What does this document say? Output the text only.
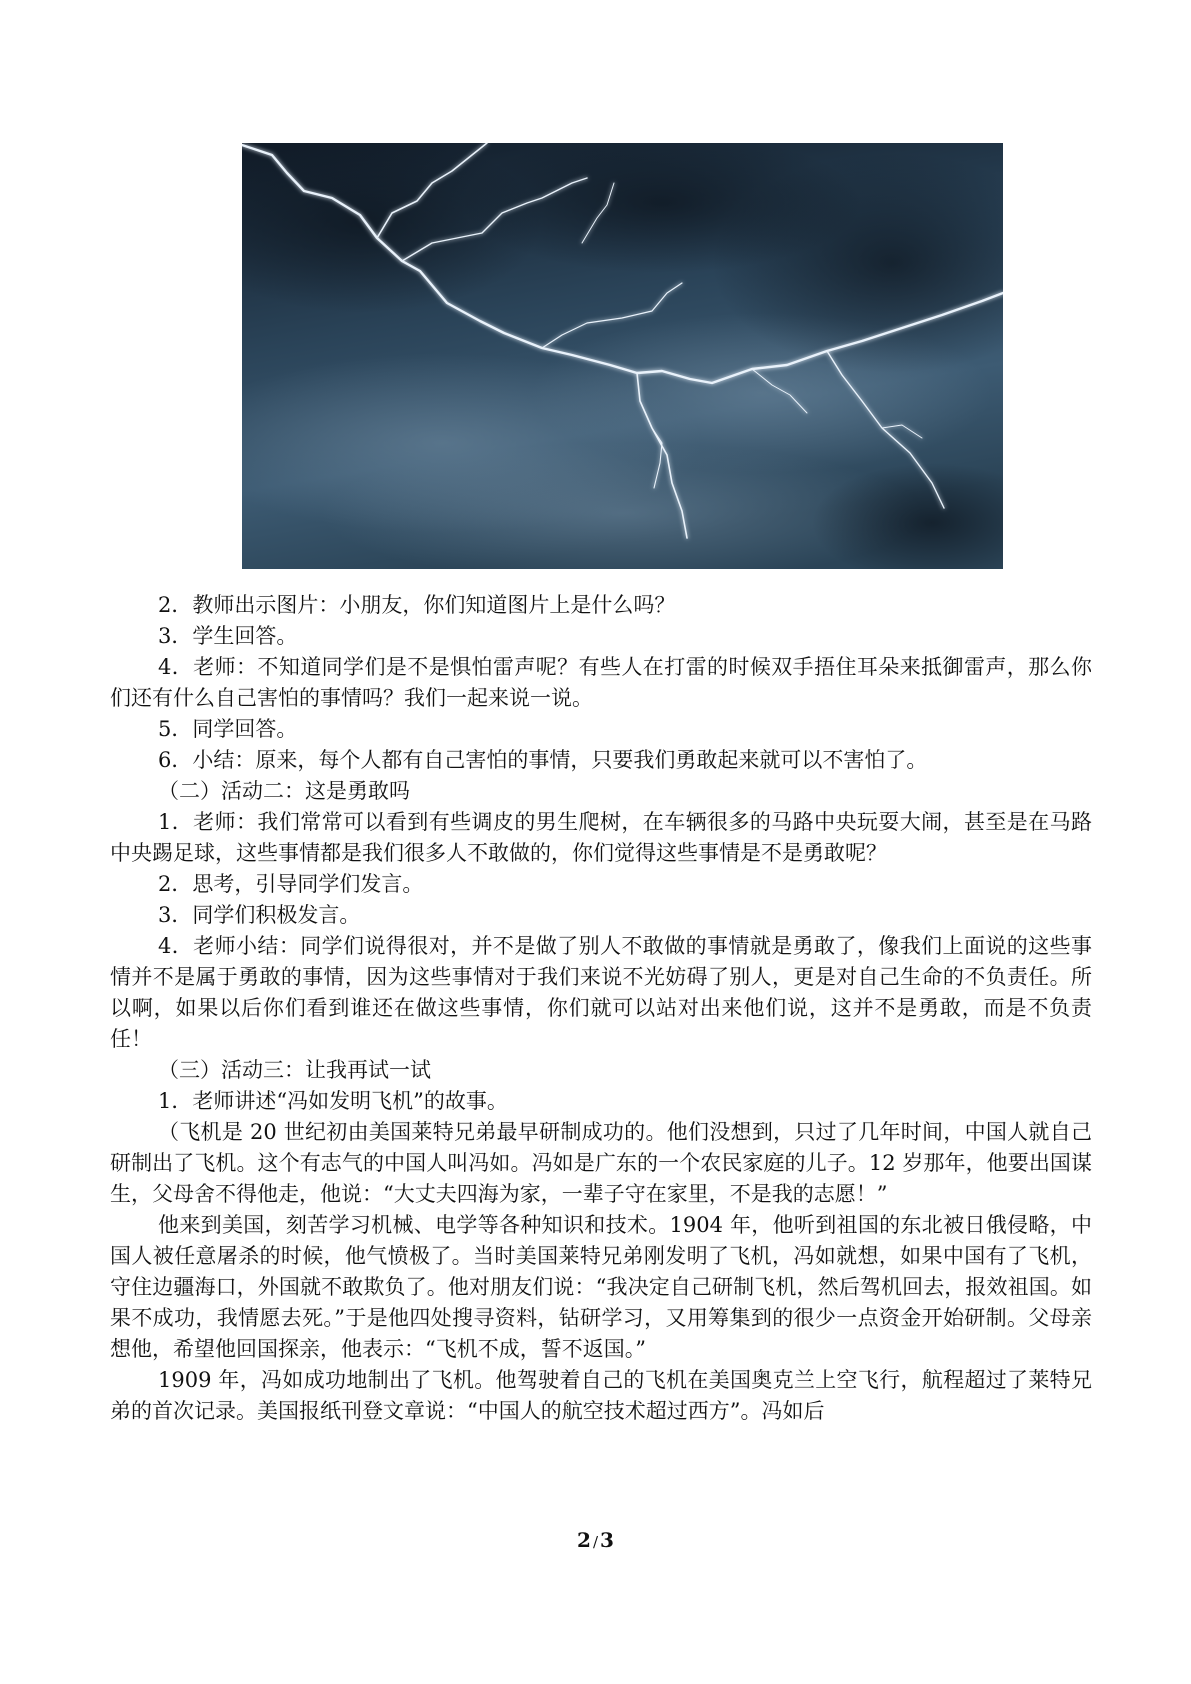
2．教师出示图片：小朋友，你们知道图片上是什么吗？

3．学生回答。

4．老师：不知道同学们是不是惧怕雷声呢？有些人在打雷的时候双手捂住耳朵来抵御雷声，那么你们还有什么自己害怕的事情吗？我们一起来说一说。

5．同学回答。

6．小结：原来，每个人都有自己害怕的事情，只要我们勇敢起来就可以不害怕了。

（二）活动二：这是勇敢吗

1．老师：我们常常可以看到有些调皮的男生爬树，在车辆很多的马路中央玩耍大闹，甚至是在马路中央踢足球，这些事情都是我们很多人不敢做的，你们觉得这些事情是不是勇敢呢？

2．思考，引导同学们发言。

3．同学们积极发言。

4．老师小结：同学们说得很对，并不是做了别人不敢做的事情就是勇敢了，像我们上面说的这些事情并不是属于勇敢的事情，因为这些事情对于我们来说不光妨碍了别人，更是对自己生命的不负责任。所以啊，如果以后你们看到谁还在做这些事情，你们就可以站对出来他们说，这并不是勇敢，而是不负责任！

（三）活动三：让我再试一试

1．老师讲述“冯如发明飞机”的故事。

（飞机是 20 世纪初由美国莱特兄弟最早研制成功的。他们没想到，只过了几年时间，中国人就自己研制出了飞机。这个有志气的中国人叫冯如。冯如是广东的一个农民家庭的儿子。12 岁那年，他要出国谋生，父母舍不得他走，他说：“大丈夫四海为家，一辈子守在家里，不是我的志愿！”

他来到美国，刻苦学习机械、电学等各种知识和技术。1904 年，他听到祖国的东北被日俄侵略，中国人被任意屠杀的时候，他气愤极了。当时美国莱特兄弟刚发明了飞机，冯如就想，如果中国有了飞机，守住边疆海口，外国就不敢欺负了。他对朋友们说：“我决定自己研制飞机，然后驾机回去，报效祖国。如果不成功，我情愿去死。”于是他四处搜寻资料，钻研学习，又用筹集到的很少一点资金开始研制。父母亲想他，希望他回国探亲，他表示：“飞机不成，誓不返国。”

1909 年，冯如成功地制出了飞机。他驾驶着自己的飞机在美国奥克兰上空飞行，航程超过了莱特兄弟的首次记录。美国报纸刊登文章说：“中国人的航空技术超过西方”。冯如后

2 / 3
